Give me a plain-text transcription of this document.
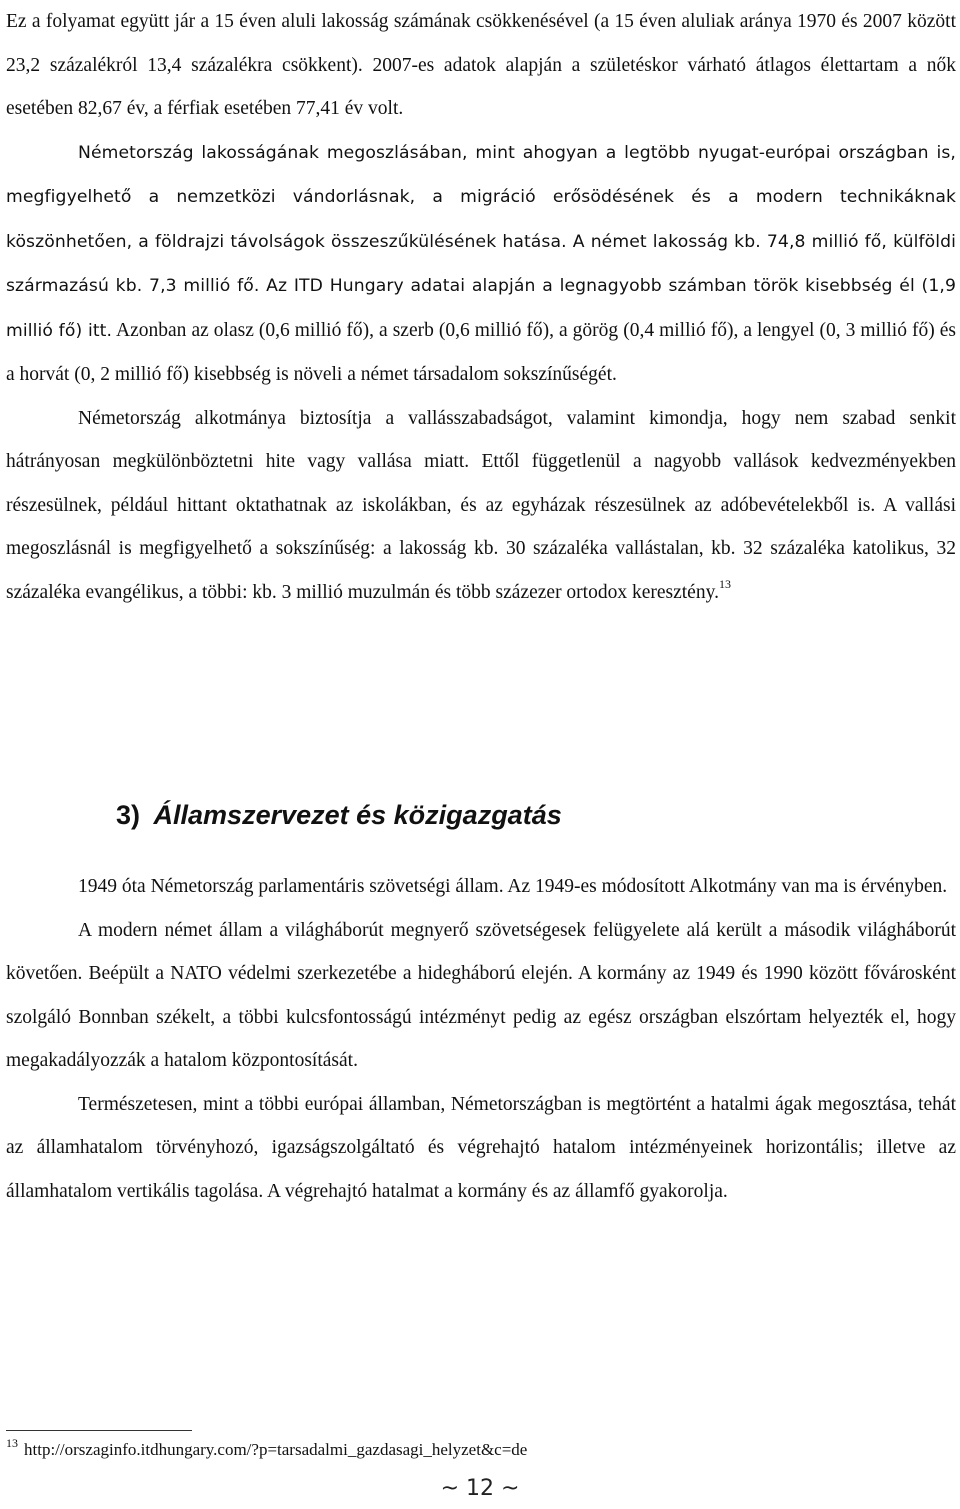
Ez a folyamat együtt jár a 15 éven aluli lakosság számának csökkenésével (a 15 éven aluliak aránya 1970 és 2007 között 23,2 százalékról 13,4 százalékra csökkent). 2007-es adatok alapján a születéskor várható átlagos élettartam a nők esetében 82,67 év, a férfiak esetében 77,41 év volt.

Németország lakosságának megoszlásában, mint ahogyan a legtöbb nyugat-európai országban is, megfigyelhető a nemzetközi vándorlásnak, a migráció erősödésének és a modern technikáknak köszönhetően, a földrajzi távolságok összeszűkülésének hatása. A német lakosság kb. 74,8 millió fő, külföldi származású kb. 7,3 millió fő. Az ITD Hungary adatai alapján a legnagyobb számban török kisebbség él (1,9 millió fő) itt. Azonban az olasz (0,6 millió fő), a szerb (0,6 millió fő), a görög (0,4 millió fő), a lengyel (0, 3 millió fő) és a horvát (0, 2 millió fő) kisebbség is növeli a német társadalom sokszínűségét.

Németország alkotmánya biztosítja a vallásszabadságot, valamint kimondja, hogy nem szabad senkit hátrányosan megkülönböztetni hite vagy vallása miatt. Ettől függetlenül a nagyobb vallások kedvezményekben részesülnek, például hittant oktathatnak az iskolákban, és az egyházak részesülnek az adóbevételekből is. A vallási megoszlásnál is megfigyelhető a sokszínűség: a lakosság kb. 30 százaléka vallástalan, kb. 32 százaléka katolikus, 32 százaléka evangélikus, a többi: kb. 3 millió muzulmán és több százezer ortodox keresztény.$^{13}$

1949 óta Németország parlamentáris szövetségi állam. Az 1949-es módosított Alkotmány van ma is érvényben.

A modern német állam a világháborút megnyerő szövetségesek felügyelete alá került a második világháborút követően. Beépült a NATO védelmi szerkezetébe a hidegháború elején. A kormány az 1949 és 1990 között fővárosként szolgáló Bonnban székelt, a többi kulcsfontosságú intézményt pedig az egész országban elszórtam helyezték el, hogy megakadályozzák a hatalom központosítását.

Természetesen, mint a többi európai államban, Németországban is megtörtént a hatalmi ágak megosztása, tehát az államhatalom törvényhozó, igazságszolgáltató és végrehajtó hatalom intézményeinek horizontális; illetve az államhatalom vertikális tagolása. A végrehajtó hatalmat a kormány és az államfő gyakorolja.

3) Államszervezet és közigazgatás
$^{13}$ http://orszaginfo.itdhungary.com/?p=tarsadalmi_gazdasagi_helyzet&c=de
~ 12 ~
